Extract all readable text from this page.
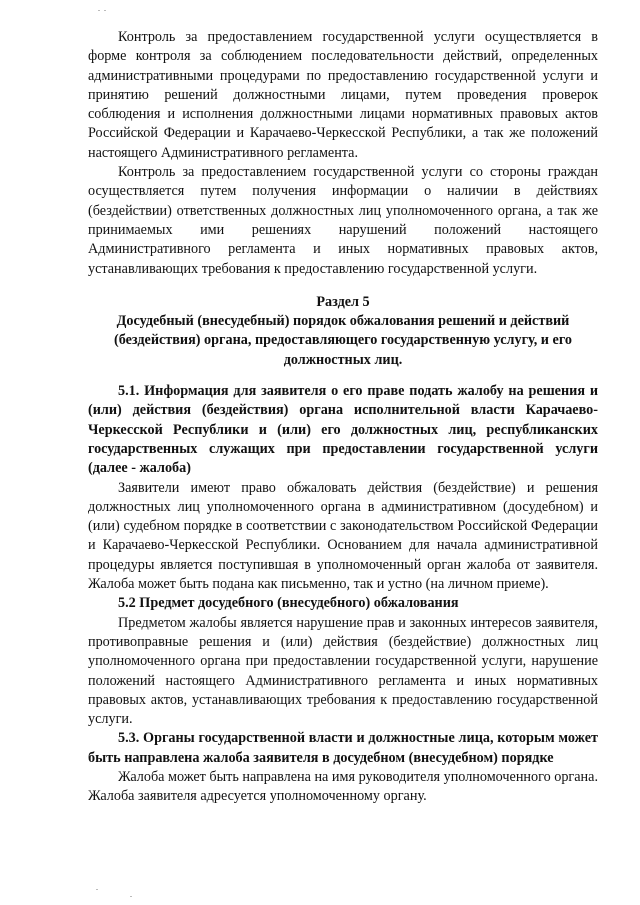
Контроль за предоставлением государственной услуги осуществляется в форме контроля за соблюдением последовательности действий, определенных административными процедурами по предоставлению государственной услуги и принятию решений должностными лицами, путем проведения проверок соблюдения и исполнения должностными лицами нормативных правовых актов Российской Федерации и Карачаево-Черкесской Республики, а так же положений настоящего Административного регламента.

Контроль за предоставлением государственной услуги со стороны граждан осуществляется путем получения информации о наличии в действиях (бездействии) ответственных должностных лиц уполномоченного органа, а так же принимаемых ими решениях нарушений положений настоящего Административного регламента и иных нормативных правовых актов, устанавливающих требования к предоставлению государственной услуги.

Раздел 5

Досудебный (внесудебный) порядок обжалования решений и действий (бездействия) органа, предоставляющего государственную услугу, и его должностных лиц.

5.1. Информация для заявителя о его праве подать жалобу на решения и (или) действия (бездействия) органа исполнительной власти Карачаево-Черкесской Республики и (или) его должностных лиц, республиканских государственных служащих при предоставлении государственной услуги (далее - жалоба)

Заявители имеют право обжаловать действия (бездействие) и решения должностных лиц уполномоченного органа в административном (досудебном) и (или) судебном порядке в соответствии с законодательством Российской Федерации и Карачаево-Черкесской Республики. Основанием для начала административной процедуры является поступившая в уполномоченный орган жалоба от заявителя. Жалоба может быть подана как письменно, так и устно (на личном приеме).

5.2 Предмет досудебного (внесудебного) обжалования

Предметом жалобы является нарушение прав и законных интересов заявителя, противоправные решения и (или) действия (бездействие) должностных лиц уполномоченного органа при предоставлении государственной услуги, нарушение положений настоящего Административного регламента и иных нормативных правовых актов, устанавливающих требования к предоставлению государственной услуги.

5.3. Органы государственной власти и должностные лица, которым может быть направлена жалоба заявителя в досудебном (внесудебном) порядке

Жалоба может быть направлена на имя руководителя уполномоченного органа. Жалоба заявителя адресуется уполномоченному органу.
